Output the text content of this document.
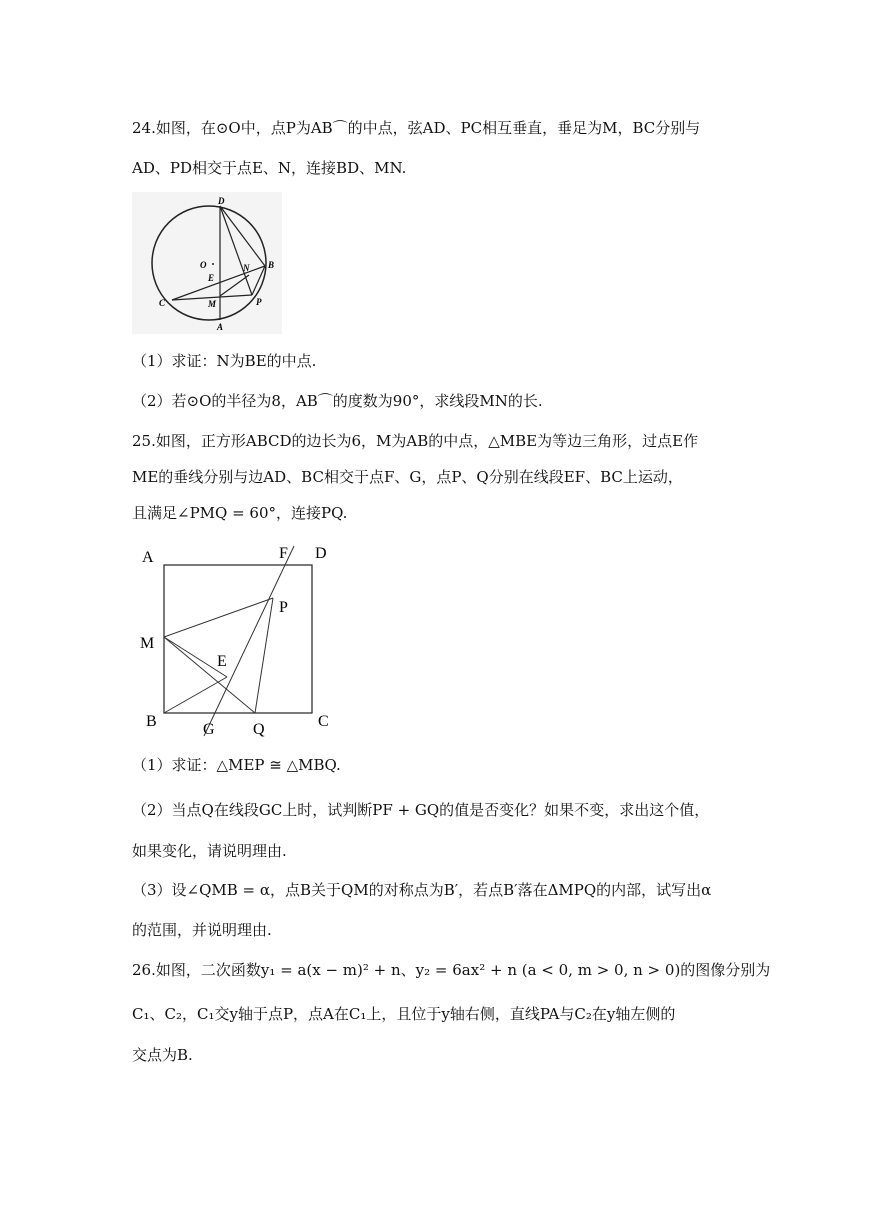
24.如图，在⊙O中，点P为AB⌒的中点，弦AD、PC相互垂直，垂足为M，BC分别与
AD、PD相交于点E、N，连接BD、MN.
O
D
N B
E
C	M	P
A
（1）求证：N为BE的中点.
（2）若⊙O的半径为8，AB⌒的度数为90°，求线段MN的长.
25.如图，正方形ABCD的边长为6，M为AB的中点，△MBE为等边三角形，过点E作
ME的垂线分别与边AD、BC相交于点F、G，点P、Q分别在线段EF、BC上运动，
且满足∠PMQ = 60°，连接PQ.
A	F D
P
M
E
B	C
G Q
（1）求证：△MEP ≅ △MBQ.
（2）当点Q在线段GC上时，试判断PF + GQ的值是否变化？如果不变，求出这个值，
如果变化，请说明理由.
（3）设∠QMB = α，点B关于QM的对称点为B′，若点B′落在ΔMPQ的内部，试写出α
的范围，并说明理由.
26.如图，二次函数y₁ = a(x − m)² + n、y₂ = 6ax² + n (a < 0, m > 0, n > 0)的图像分别为
C₁、C₂，C₁交y轴于点P，点A在C₁上，且位于y轴右侧，直线PA与C₂在y轴左侧的
交点为B.
